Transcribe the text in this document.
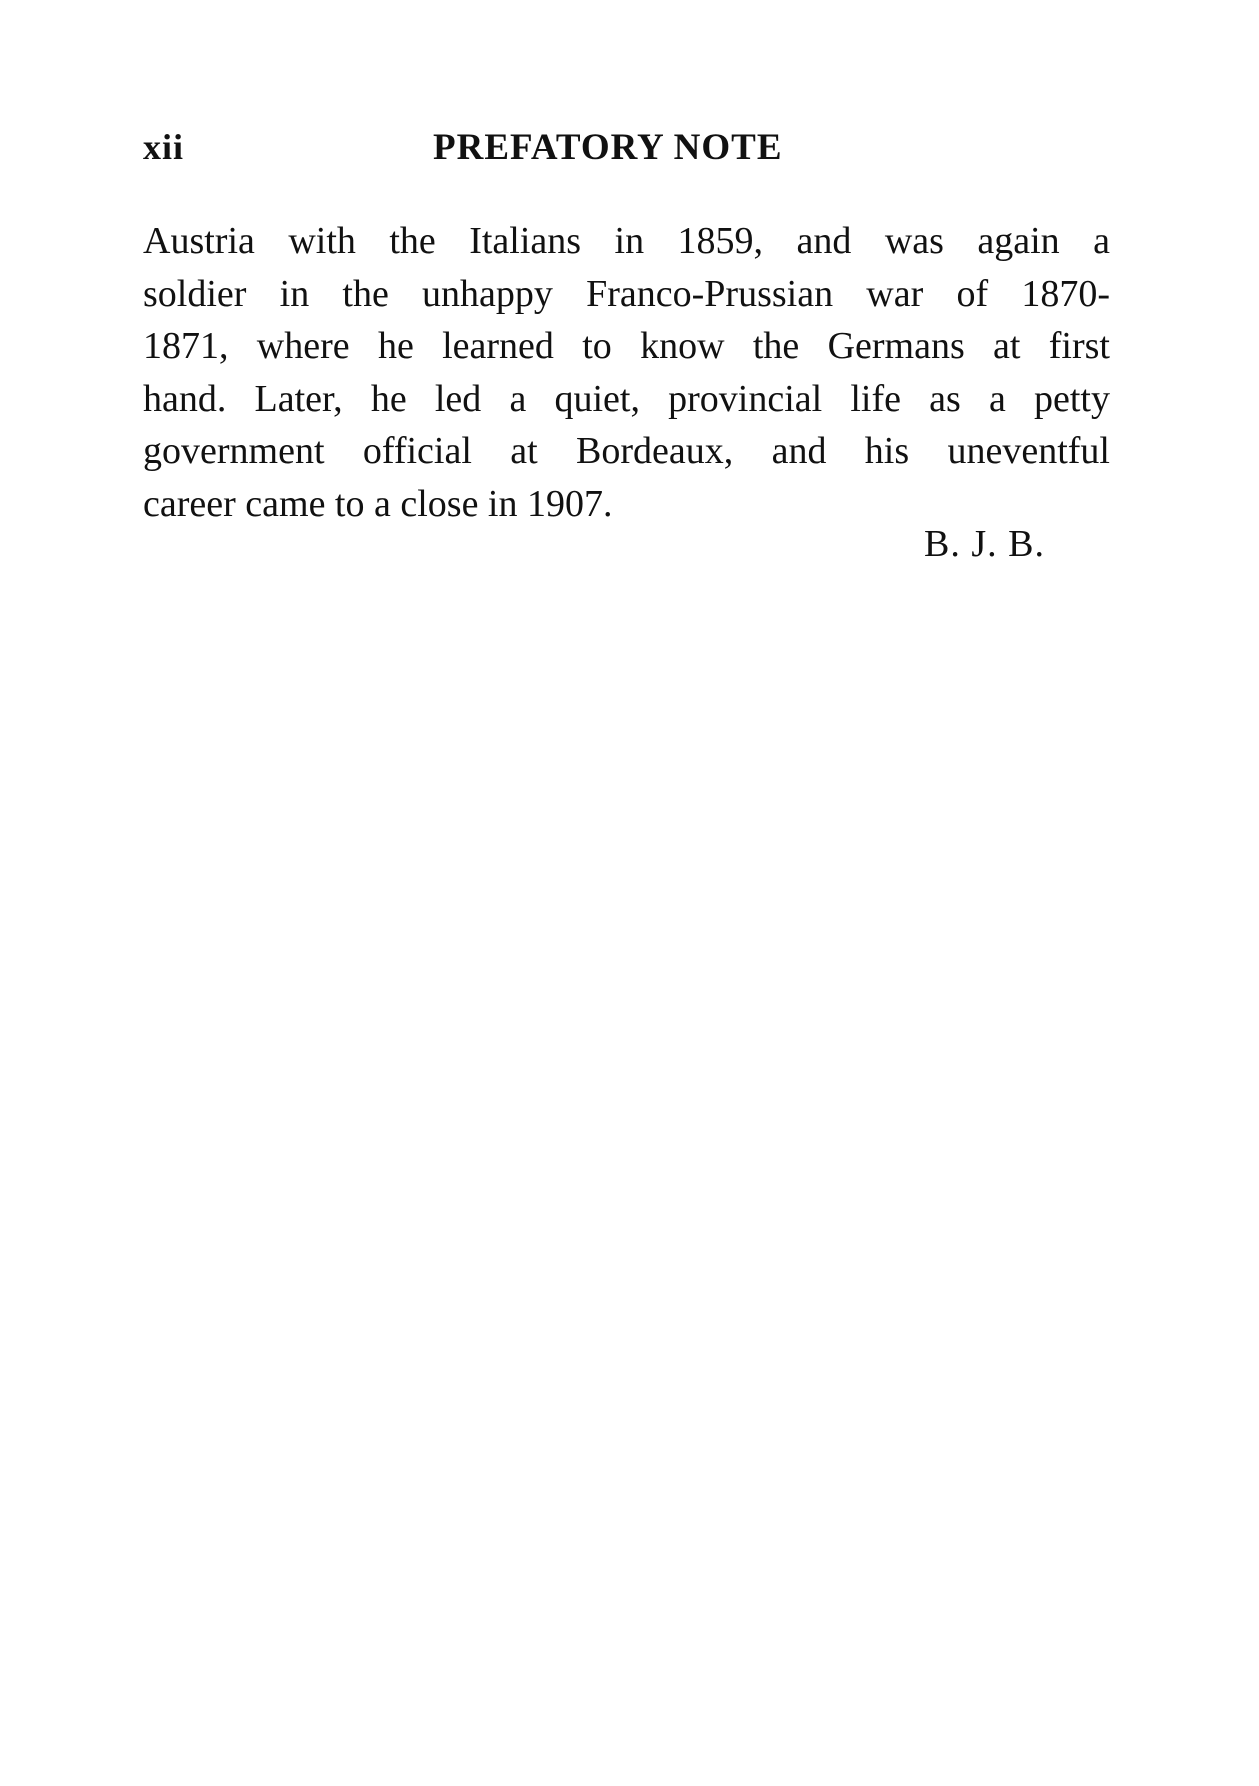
xii	PREFATORY NOTE

Austria with the Italians in 1859, and was again a
soldier in the unhappy Franco-Prussian war of 1870-
1871, where he learned to know the Germans at first
hand. Later, he led a quiet, provincial life as a petty
government official at Bordeaux, and his uneventful
career came to a close in 1907.

B. J. B.
